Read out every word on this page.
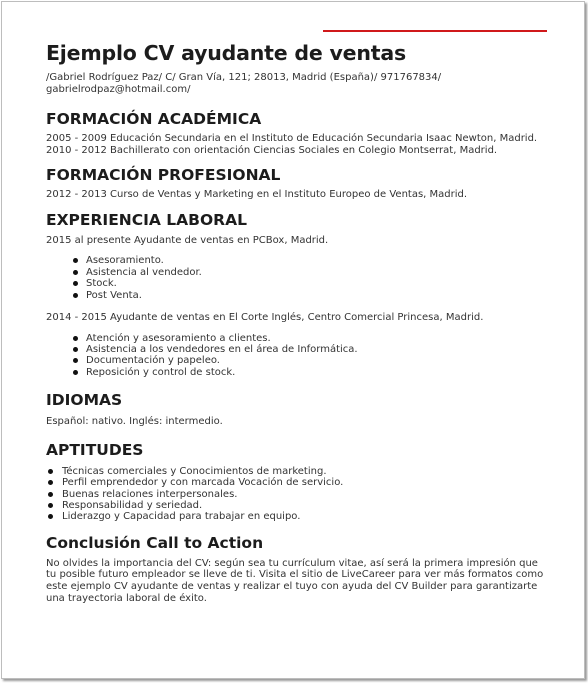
Ejemplo CV ayudante de ventas
/Gabriel Rodríguez Paz/ C/ Gran Vía, 121; 28013, Madrid (España)/ 971767834/ gabrielrodpaz@hotmail.com/
FORMACIÓN ACADÉMICA

2005 - 2009 Educación Secundaria en el Instituto de Educación Secundaria Isaac Newton, Madrid. 2010 - 2012 Bachillerato con orientación Ciencias Sociales en Colegio Montserrat, Madrid.

FORMACIÓN PROFESIONAL

2012 - 2013 Curso de Ventas y Marketing en el Instituto Europeo de Ventas, Madrid.

EXPERIENCIA LABORAL

2015 al presente Ayudante de ventas en PCBox, Madrid.

Asesoramiento.
Asistencia al vendedor.
Stock.
Post Venta.

2014 - 2015 Ayudante de ventas en El Corte Inglés, Centro Comercial Princesa, Madrid.

Atención y asesoramiento a clientes.
Asistencia a los vendedores en el área de Informática.
Documentación y papeleo.
Reposición y control de stock.
IDIOMAS

Español: nativo. Inglés: intermedio.

APTITUDES
Técnicas comerciales y Conocimientos de marketing.
Perfil emprendedor y con marcada Vocación de servicio.
Buenas relaciones interpersonales.
Responsabilidad y seriedad.
Liderazgo y Capacidad para trabajar en equipo.
Conclusión Call to Action

No olvides la importancia del CV: según sea tu currículum vitae, así será la primera impresión que tu posible futuro empleador se lleve de ti. Visita el sitio de LiveCareer para ver más formatos como este ejemplo CV ayudante de ventas y realizar el tuyo con ayuda del CV Builder para garantizarte una trayectoria laboral de éxito.
